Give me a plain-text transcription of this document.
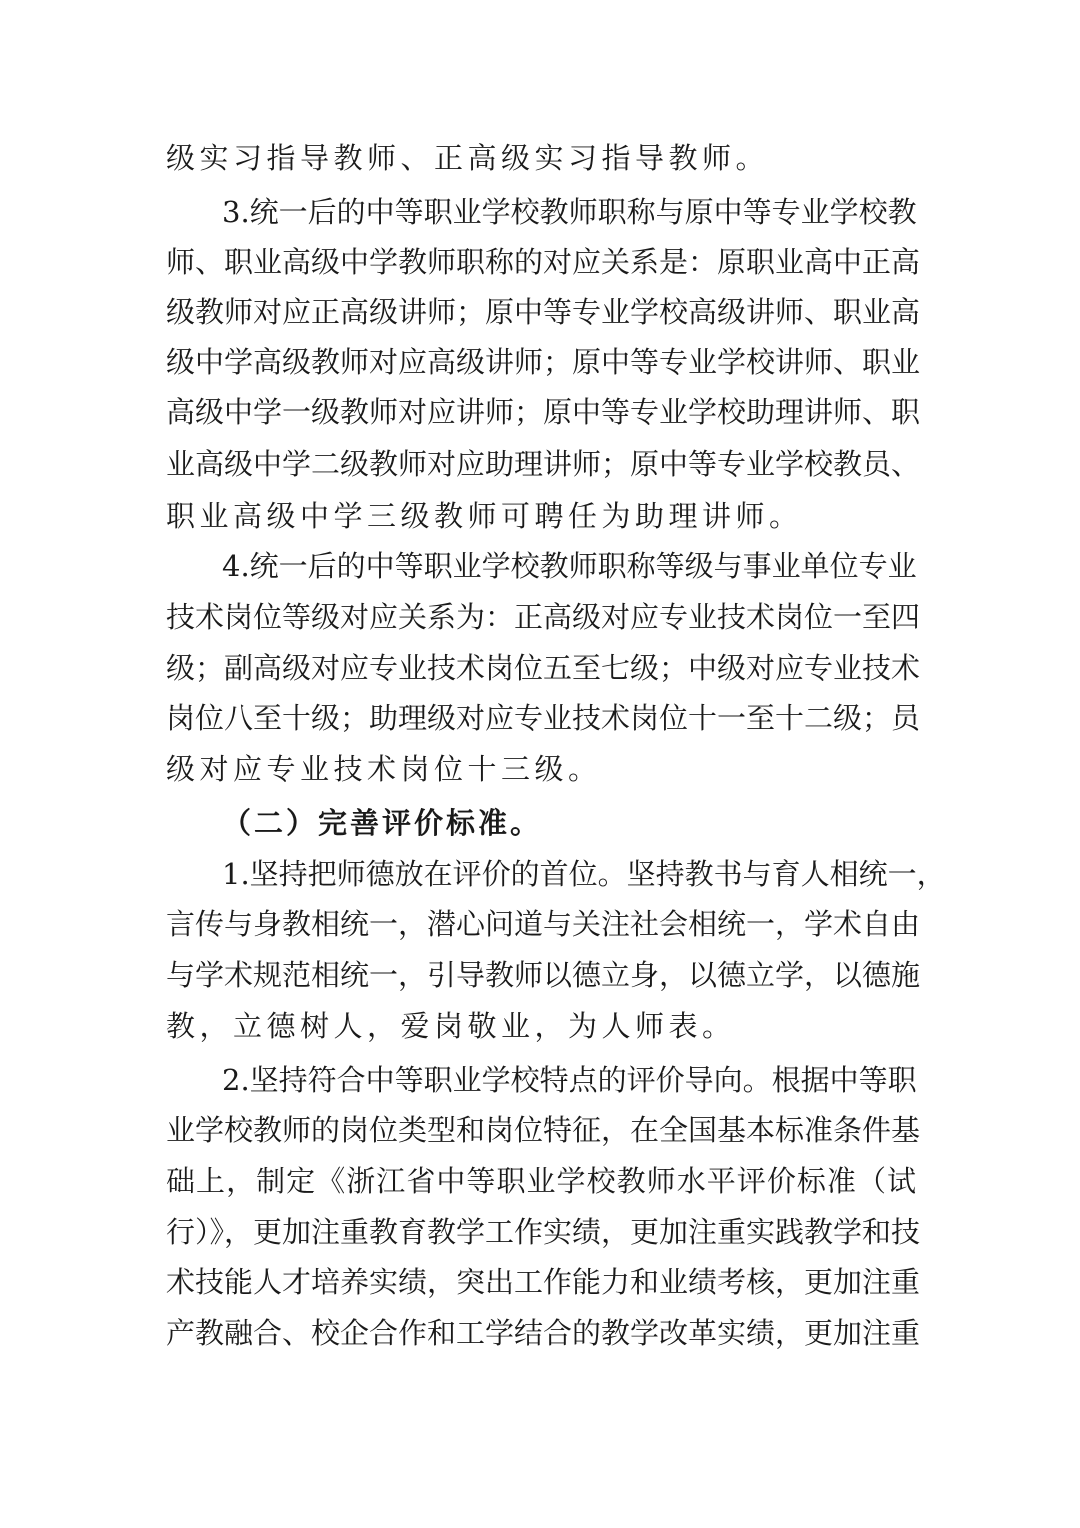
级实习指导教师、正高级实习指导教师。
3.统一后的中等职业学校教师职称与原中等专业学校教
师、职业高级中学教师职称的对应关系是：原职业高中正高
级教师对应正高级讲师；原中等专业学校高级讲师、职业高
级中学高级教师对应高级讲师；原中等专业学校讲师、职业
高级中学一级教师对应讲师；原中等专业学校助理讲师、职
业高级中学二级教师对应助理讲师；原中等专业学校教员、
职业高级中学三级教师可聘任为助理讲师。
4.统一后的中等职业学校教师职称等级与事业单位专业
技术岗位等级对应关系为：正高级对应专业技术岗位一至四
级；副高级对应专业技术岗位五至七级；中级对应专业技术
岗位八至十级；助理级对应专业技术岗位十一至十二级；员
级对应专业技术岗位十三级。
（二）完善评价标准。
1.坚持把师德放在评价的首位。坚持教书与育人相统一，
言传与身教相统一，潜心问道与关注社会相统一，学术自由
与学术规范相统一，引导教师以德立身，以德立学，以德施
教，立德树人，爱岗敬业，为人师表。
2.坚持符合中等职业学校特点的评价导向。根据中等职
业学校教师的岗位类型和岗位特征，在全国基本标准条件基
础上，制定《浙江省中等职业学校教师水平评价标准（试
行）》，更加注重教育教学工作实绩，更加注重实践教学和技
术技能人才培养实绩，突出工作能力和业绩考核，更加注重
产教融合、校企合作和工学结合的教学改革实绩，更加注重
